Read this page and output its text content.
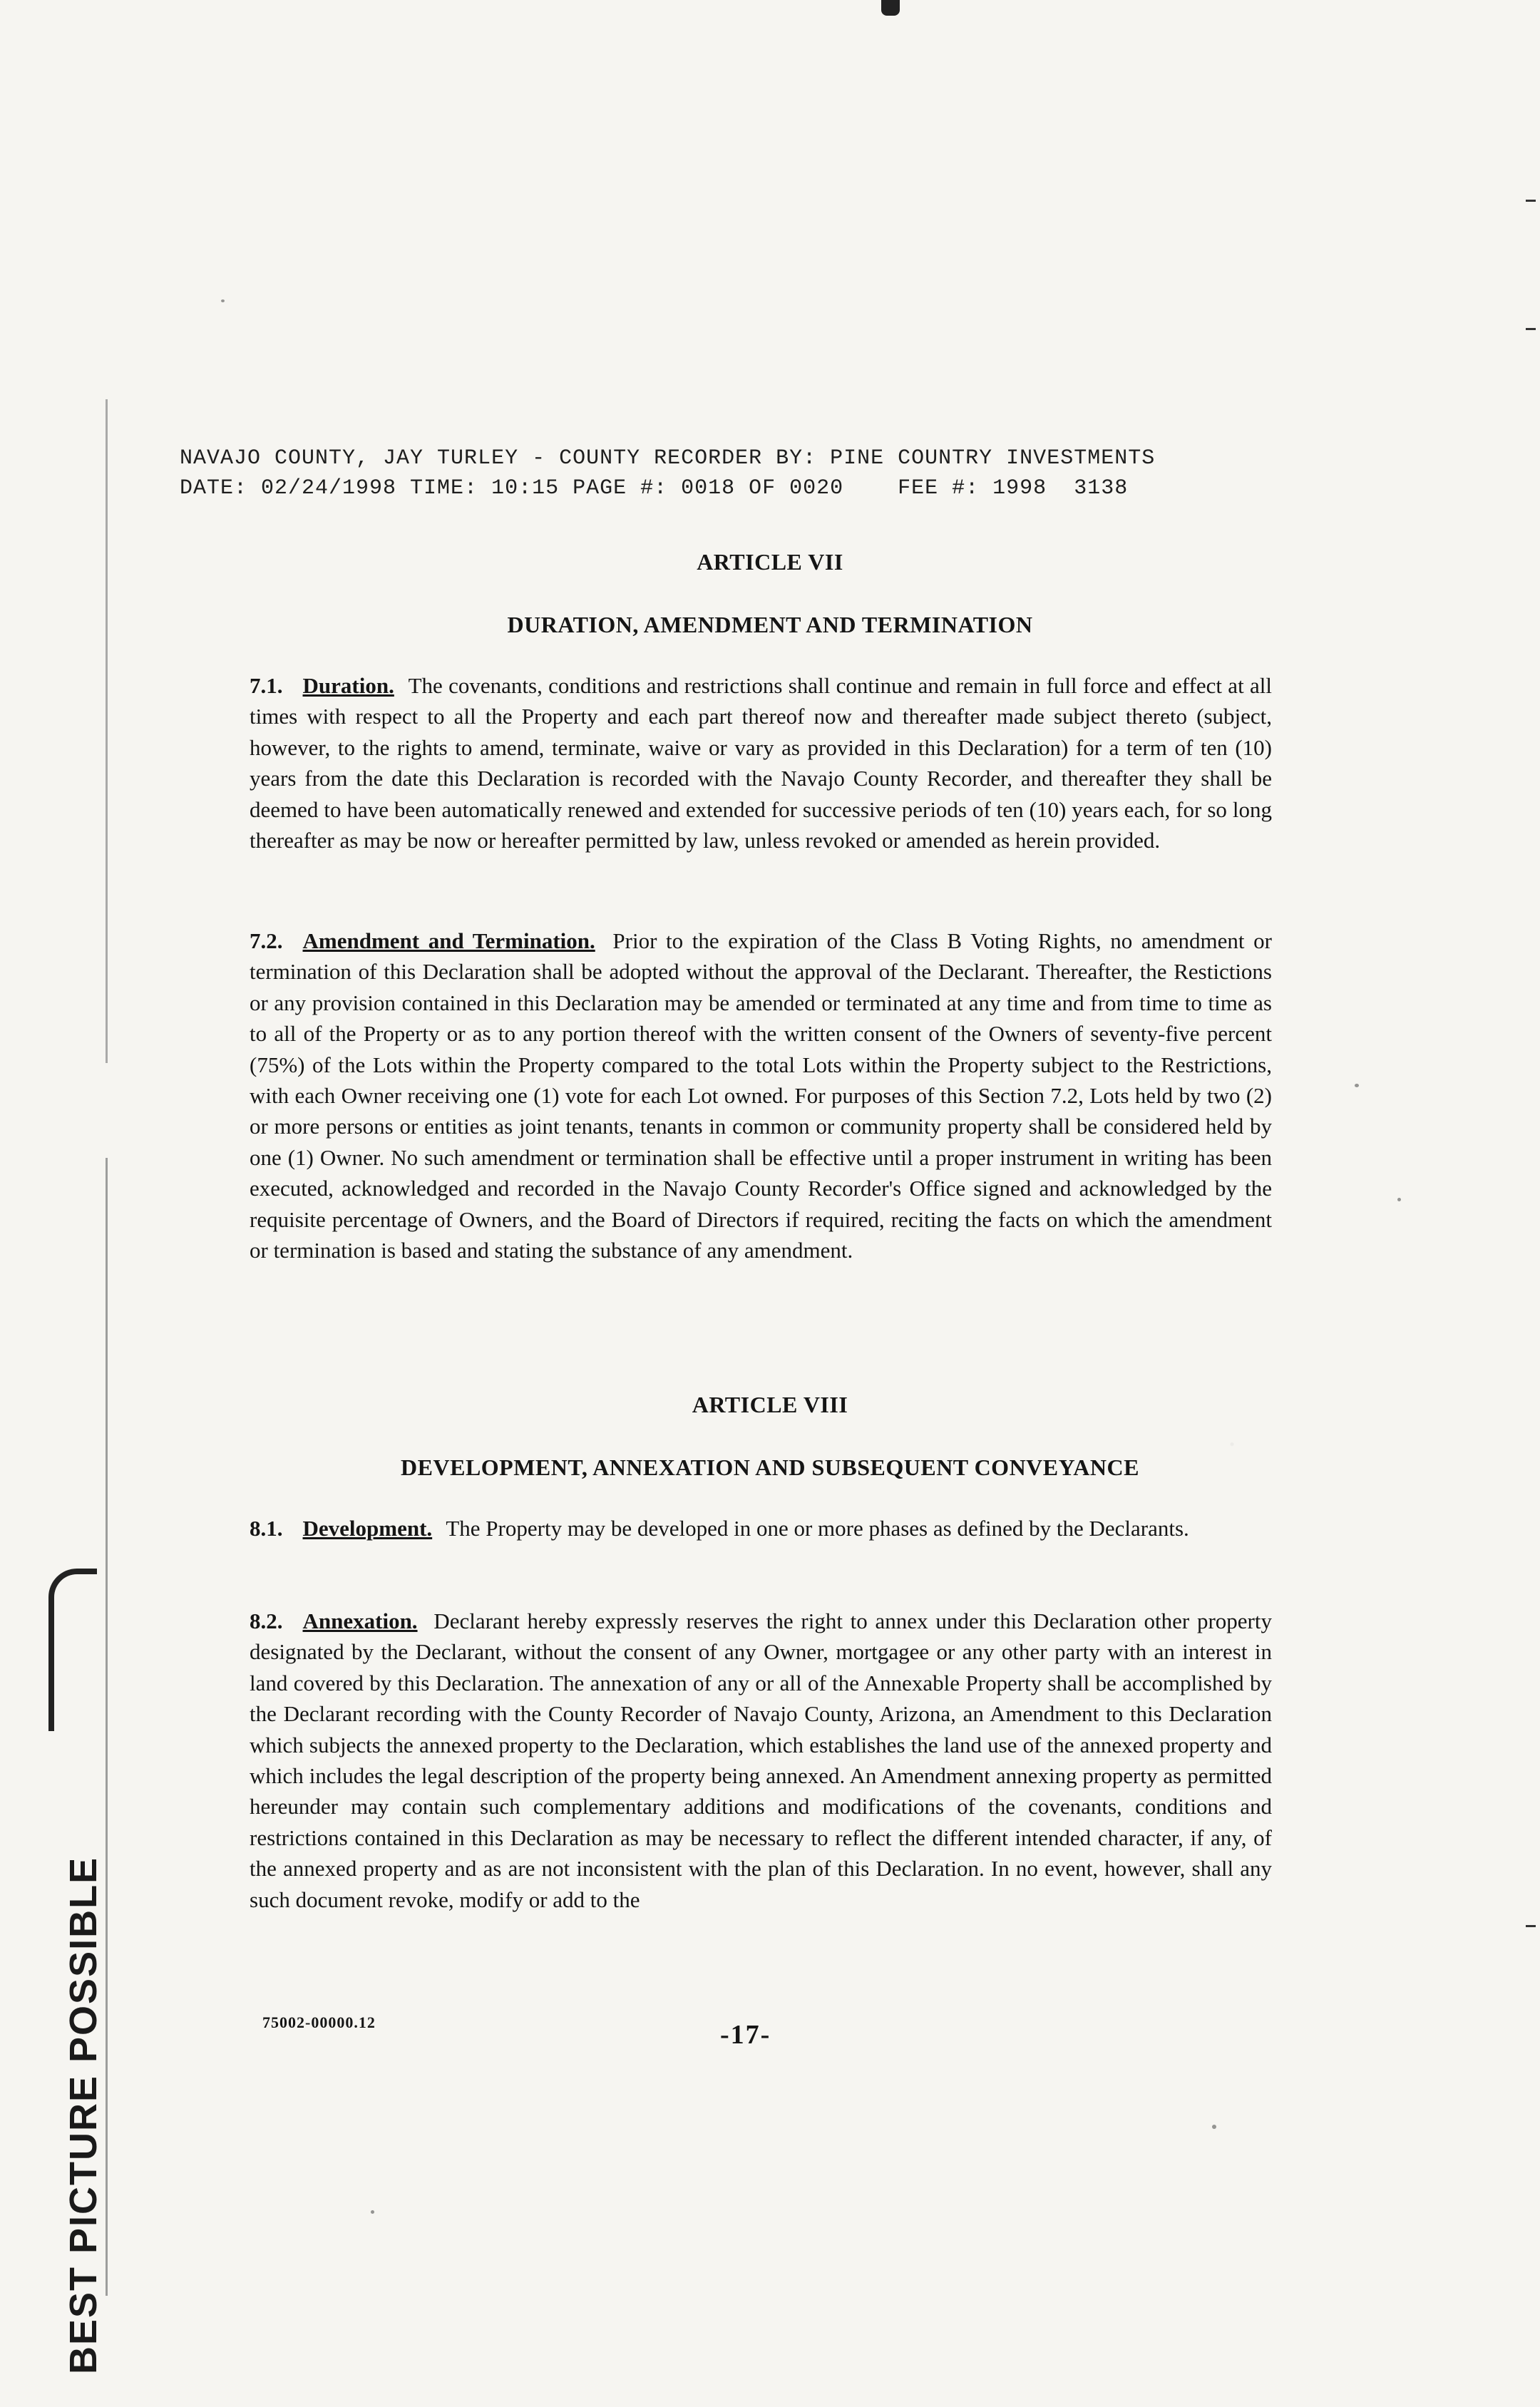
BEST PICTURE POSSIBLE
NAVAJO COUNTY, JAY TURLEY - COUNTY RECORDER BY: PINE COUNTRY INVESTMENTS
DATE: 02/24/1998 TIME: 10:15 PAGE #: 0018 OF 0020    FEE #: 1998  3138
ARTICLE VII
DURATION, AMENDMENT AND TERMINATION
7.1. Duration. The covenants, conditions and restrictions shall continue and remain in full force and effect at all times with respect to all the Property and each part thereof now and thereafter made subject thereto (subject, however, to the rights to amend, terminate, waive or vary as provided in this Declaration) for a term of ten (10) years from the date this Declaration is recorded with the Navajo County Recorder, and thereafter they shall be deemed to have been automatically renewed and extended for successive periods of ten (10) years each, for so long thereafter as may be now or hereafter permitted by law, unless revoked or amended as herein provided.
7.2. Amendment and Termination. Prior to the expiration of the Class B Voting Rights, no amendment or termination of this Declaration shall be adopted without the approval of the Declarant. Thereafter, the Restictions or any provision contained in this Declaration may be amended or terminated at any time and from time to time as to all of the Property or as to any portion thereof with the written consent of the Owners of seventy-five percent (75%) of the Lots within the Property compared to the total Lots within the Property subject to the Restrictions, with each Owner receiving one (1) vote for each Lot owned. For purposes of this Section 7.2, Lots held by two (2) or more persons or entities as joint tenants, tenants in common or community property shall be considered held by one (1) Owner. No such amendment or termination shall be effective until a proper instrument in writing has been executed, acknowledged and recorded in the Navajo County Recorder's Office signed and acknowledged by the requisite percentage of Owners, and the Board of Directors if required, reciting the facts on which the amendment or termination is based and stating the substance of any amendment.
ARTICLE VIII
DEVELOPMENT, ANNEXATION AND SUBSEQUENT CONVEYANCE
8.1. Development. The Property may be developed in one or more phases as defined by the Declarants.
8.2. Annexation. Declarant hereby expressly reserves the right to annex under this Declaration other property designated by the Declarant, without the consent of any Owner, mortgagee or any other party with an interest in land covered by this Declaration. The annexation of any or all of the Annexable Property shall be accomplished by the Declarant recording with the County Recorder of Navajo County, Arizona, an Amendment to this Declaration which subjects the annexed property to the Declaration, which establishes the land use of the annexed property and which includes the legal description of the property being annexed. An Amendment annexing property as permitted hereunder may contain such complementary additions and modifications of the covenants, conditions and restrictions contained in this Declaration as may be necessary to reflect the different intended character, if any, of the annexed property and as are not inconsistent with the plan of this Declaration. In no event, however, shall any such document revoke, modify or add to the
75002-00000.12	-17-
